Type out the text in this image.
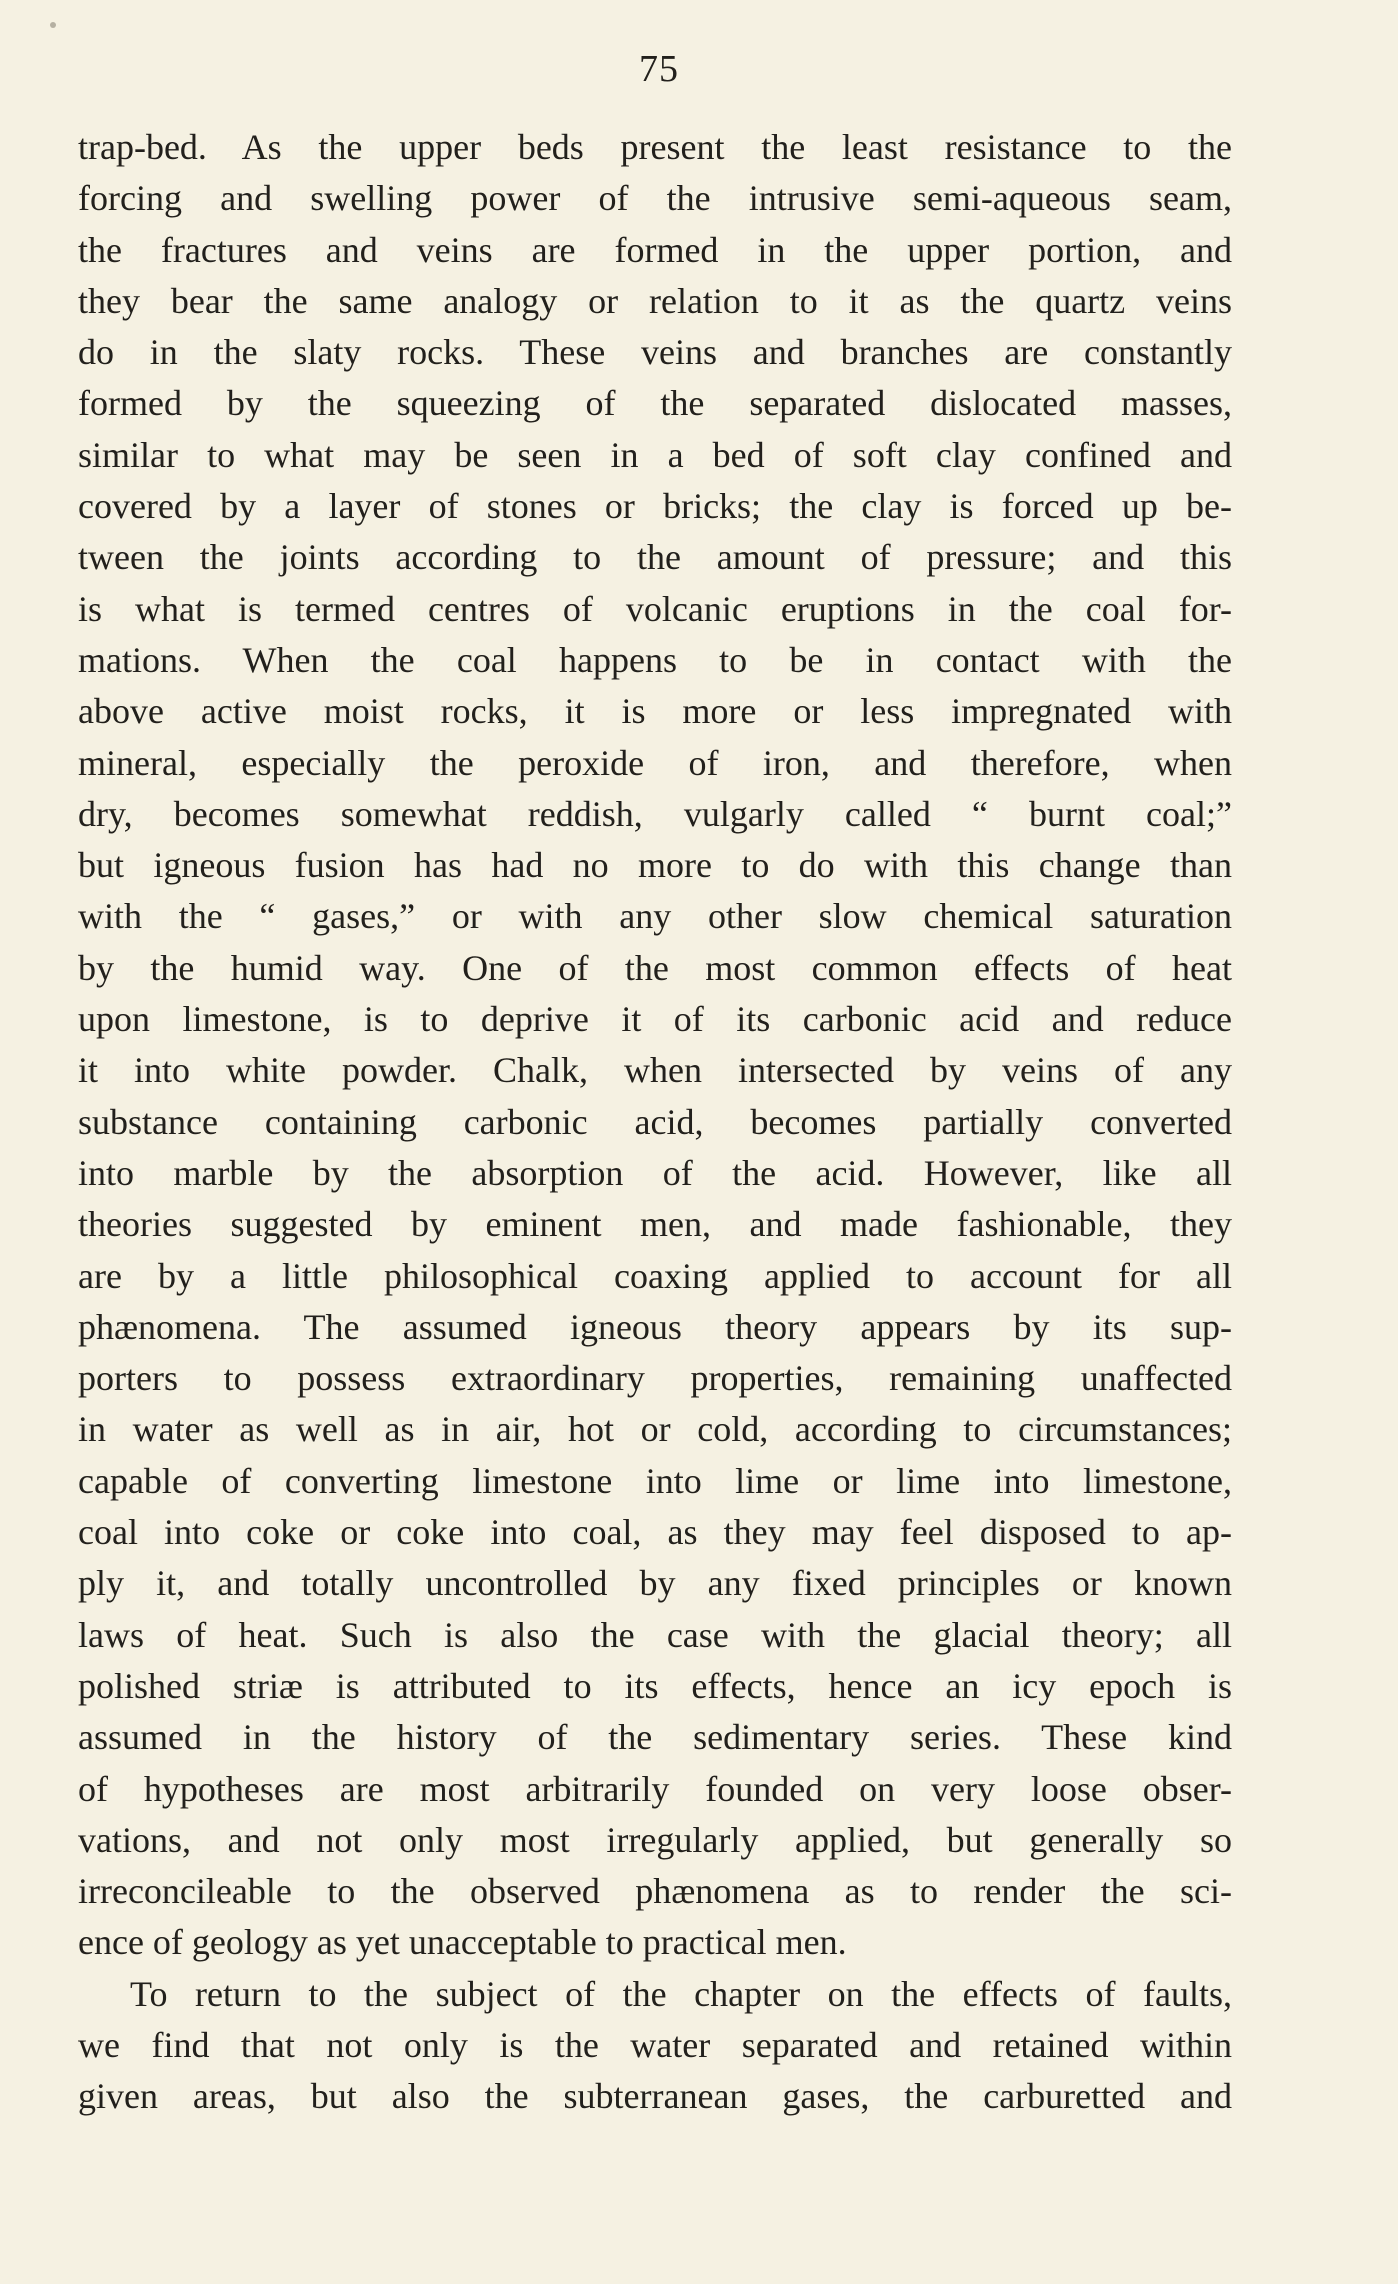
75
trap-bed. As the upper beds present the least resistance to the
forcing and swelling power of the intrusive semi-aqueous seam,
the fractures and veins are formed in the upper portion, and
they bear the same analogy or relation to it as the quartz veins
do in the slaty rocks. These veins and branches are constantly
formed by the squeezing of the separated dislocated masses,
similar to what may be seen in a bed of soft clay confined and
covered by a layer of stones or bricks; the clay is forced up be-
tween the joints according to the amount of pressure; and this
is what is termed centres of volcanic eruptions in the coal for-
mations. When the coal happens to be in contact with the
above active moist rocks, it is more or less impregnated with
mineral, especially the peroxide of iron, and therefore, when
dry, becomes somewhat reddish, vulgarly called “ burnt coal;”
but igneous fusion has had no more to do with this change than
with the “ gases,” or with any other slow chemical saturation
by the humid way. One of the most common effects of heat
upon limestone, is to deprive it of its carbonic acid and reduce
it into white powder. Chalk, when intersected by veins of any
substance containing carbonic acid, becomes partially converted
into marble by the absorption of the acid. However, like all
theories suggested by eminent men, and made fashionable, they
are by a little philosophical coaxing applied to account for all
phænomena. The assumed igneous theory appears by its sup-
porters to possess extraordinary properties, remaining unaffected
in water as well as in air, hot or cold, according to circumstances;
capable of converting limestone into lime or lime into limestone,
coal into coke or coke into coal, as they may feel disposed to ap-
ply it, and totally uncontrolled by any fixed principles or known
laws of heat. Such is also the case with the glacial theory; all
polished striæ is attributed to its effects, hence an icy epoch is
assumed in the history of the sedimentary series. These kind
of hypotheses are most arbitrarily founded on very loose obser-
vations, and not only most irregularly applied, but generally so
irreconcileable to the observed phænomena as to render the sci-
ence of geology as yet unacceptable to practical men.
To return to the subject of the chapter on the effects of faults,
we find that not only is the water separated and retained within
given areas, but also the subterranean gases, the carburetted and
